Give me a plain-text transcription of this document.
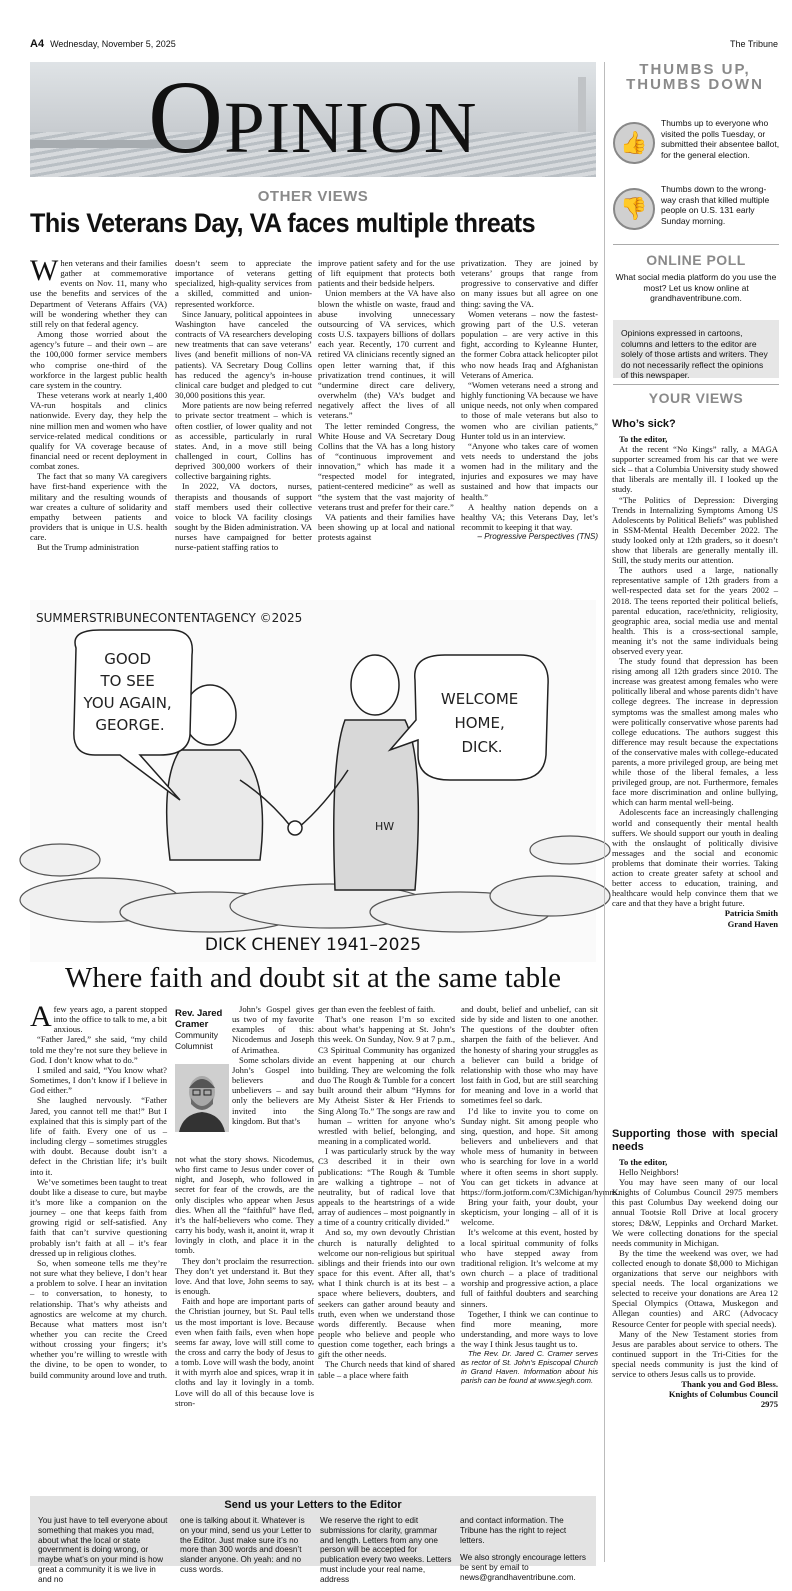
A4 Wednesday, November 5, 2025	The Tribune
Opinion
OTHER VIEWS
This Veterans Day, VA faces multiple threats

When veterans and their families gather at commemorative events on Nov. 11, many who use the benefits and services of the Department of Veterans Affairs (VA) will be wondering whether they can still rely on that federal agency.

Among those worried about the agency’s future – and their own – are the 100,000 former service members who comprise one-third of the workforce in the largest public health care system in the country.

These veterans work at nearly 1,400 VA-run hospitals and clinics nationwide. Every day, they help the nine million men and women who have service-related medical conditions or qualify for VA coverage because of financial need or recent deployment in combat zones.

The fact that so many VA caregivers have first-hand experience with the military and the resulting wounds of war creates a culture of solidarity and empathy between patients and providers that is unique in U.S. health care.

But the Trump administration

doesn’t seem to appreciate the importance of veterans getting specialized, high-quality services from a skilled, committed and union-represented workforce.

Since January, political appointees in Washington have canceled the contracts of VA researchers developing new treatments that can save veterans’ lives (and benefit millions of non-VA patients). VA Secretary Doug Collins has reduced the agency’s in-house clinical care budget and pledged to cut 30,000 positions this year.

More patients are now being referred to private sector treatment – which is often costlier, of lower quality and not as accessible, particularly in rural states. And, in a move still being challenged in court, Collins has deprived 300,000 workers of their collective bargaining rights.

In 2022, VA doctors, nurses, therapists and thousands of support staff members used their collective voice to block VA facility closings sought by the Biden administration. VA nurses have campaigned for better nurse-patient staffing ratios to

improve patient safety and for the use of lift equipment that protects both patients and their bedside helpers.

Union members at the VA have also blown the whistle on waste, fraud and abuse involving unnecessary outsourcing of VA services, which costs U.S. taxpayers billions of dollars each year. Recently, 170 current and retired VA clinicians recently signed an open letter warning that, if this privatization trend continues, it will “undermine direct care delivery, overwhelm (the) VA’s budget and negatively affect the lives of all veterans.”

The letter reminded Congress, the White House and VA Secretary Doug Collins that the VA has a long history of “continuous improvement and innovation,” which has made it a “respected model for integrated, patient-centered medicine” as well as “the system that the vast majority of veterans trust and prefer for their care.”

VA patients and their families have been showing up at local and national protests against

privatization. They are joined by veterans’ groups that range from progressive to conservative and differ on many issues but all agree on one thing: saving the VA.

Women veterans – now the fastest-growing part of the U.S. veteran population – are very active in this fight, according to Kyleanne Hunter, the former Cobra attack helicopter pilot who now heads Iraq and Afghanistan Veterans of America.

“Women veterans need a strong and highly functioning VA because we have unique needs, not only when compared to those of male veterans but also to women who are civilian patients,” Hunter told us in an interview.

“Anyone who takes care of women vets needs to understand the jobs women had in the military and the injuries and exposures we may have sustained and how that impacts our health.”

A healthy nation depends on a healthy VA; this Veterans Day, let’s recommit to keeping it that way.

– Progressive Perspectives (TNS)
SUMMERSTRIBUNECONTENTAGENCY ©2025
HW
GOOD TO SEE YOU AGAIN, GEORGE.
WELCOME HOME, DICK.
DICK CHENEY 1941–2025
Where faith and doubt sit at the same table

Afew years ago, a parent stopped into the office to talk to me, a bit anxious.

“Father Jared,” she said, “my child told me they’re not sure they believe in God. I don’t know what to do.”

I smiled and said, “You know what? Sometimes, I don’t know if I believe in God either.”

She laughed nervously. “Father Jared, you cannot tell me that!” But I explained that this is simply part of the life of faith. Every one of us – including clergy – sometimes struggles with doubt. Because doubt isn’t a defect in the Christian life; it’s built into it.

We’ve sometimes been taught to treat doubt like a disease to cure, but maybe it’s more like a companion on the journey – one that keeps faith from growing rigid or self-satisfied. Any faith that can’t survive questioning probably isn’t faith at all – it’s fear dressed up in religious clothes.

So, when someone tells me they’re not sure what they believe, I don’t hear a problem to solve. I hear an invitation – to conversation, to honesty, to relationship. That’s why atheists and agnostics are welcome at my church. Because what matters most isn’t whether you can recite the Creed without crossing your fingers; it’s whether you’re willing to wrestle with the divine, to be open to wonder, to build community around love and truth.

Rev. Jared Cramer
Community Columnist

John’s Gospel gives us two of my favorite examples of this: Nicodemus and Joseph of Arimathea.

Some scholars divide John’s Gospel into believers and unbelievers – and say only the believers are invited into the kingdom. But that’s

not what the story shows. Nicodemus, who first came to Jesus under cover of night, and Joseph, who followed in secret for fear of the crowds, are the only disciples who appear when Jesus dies. When all the “faithful” have fled, it’s the half-believers who come. They carry his body, wash it, anoint it, wrap it lovingly in cloth, and place it in the tomb.

They don’t proclaim the resurrection. They don’t yet understand it. But they love. And that love, John seems to say, is enough.

Faith and hope are important parts of the Christian journey, but St. Paul tells us the most important is love. Because even when faith fails, even when hope seems far away, love will still come to the cross and carry the body of Jesus to a tomb. Love will wash the body, anoint it with myrrh aloe and spices, wrap it in cloths and lay it lovingly in a tomb. Love will do all of this because love is stron-

ger than even the feeblest of faith.

That’s one reason I’m so excited about what’s happening at St. John’s this week. On Sunday, Nov. 9 at 7 p.m., C3 Spiritual Community has organized an event happening at our church building. They are welcoming the folk duo The Rough & Tumble for a concert built around their album “Hymns for My Atheist Sister & Her Friends to Sing Along To.” The songs are raw and human – written for anyone who’s wrestled with belief, belonging, and meaning in a complicated world.

I was particularly struck by the way C3 described it in their own publications: “The Rough & Tumble are walking a tightrope – not of neutrality, but of radical love that appeals to the heartstrings of a wide array of audiences – most poignantly in a time of a country critically divided.”

And so, my own devoutly Christian church is naturally delighted to welcome our non-religious but spiritual siblings and their friends into our own space for this event. After all, that’s what I think church is at its best – a space where believers, doubters, and seekers can gather around beauty and truth, even when we understand those words differently. Because when people who believe and people who question come together, each brings a gift the other needs.

The Church needs that kind of shared table – a place where faith

and doubt, belief and unbelief, can sit side by side and listen to one another. The questions of the doubter often sharpen the faith of the believer. And the honesty of sharing your struggles as a believer can build a bridge of relationship with those who may have lost faith in God, but are still searching for meaning and love in a world that sometimes feel so dark.

I’d like to invite you to come on Sunday night. Sit among people who sing, question, and hope. Sit among believers and unbelievers and that whole mess of humanity in between who is searching for love in a world where it often seems in short supply. You can get tickets in advance at https://form.jotform.com/C3Michigan/hymns.

Bring your faith, your doubt, your skepticism, your longing – all of it is welcome.

It’s welcome at this event, hosted by a local spiritual community of folks who have stepped away from traditional religion. It’s welcome at my own church – a place of traditional worship and progressive action, a place full of faithful doubters and searching sinners.

Together, I think we can continue to find more meaning, more understanding, and more ways to love the way I think Jesus taught us to.

The Rev. Dr. Jared C. Cramer serves as rector of St. John’s Episcopal Church in Grand Haven. Information about his parish can be found at www.sjegh.com.

Send us your Letters to the Editor
You just have to tell everyone about something that makes you mad, about what the local or state government is doing wrong, or maybe what’s on your mind is how great a community it is we live in and no
one is talking about it. Whatever is on your mind, send us your Letter to the Editor. Just make sure it’s no more than 300 words and doesn’t slander anyone. Oh yeah: and no cuss words.
We reserve the right to edit submissions for clarity, grammar and length. Letters from any one person will be accepted for publication every two weeks. Letters must include your real name, address
and contact information. The Tribune has the right to reject letters.
We also strongly encourage letters be sent by email to news@grandhaventribune.com.
THUMBS UP, THUMBS DOWN
👍
Thumbs up to everyone who visited the polls Tuesday, or submitted their absentee ballot, for the general election.
👎
Thumbs down to the wrong-way crash that killed multiple people on U.S. 131 early Sunday morning.
ONLINE POLL
What social media platform do you use the most? Let us know online at grandhaventribune.com.
Opinions expressed in cartoons, columns and letters to the editor are solely of those artists and writers. They do not necessarily reflect the opinions of this newspaper.
YOUR VIEWS
Who’s sick?
To the editor,

At the recent “No Kings” rally, a MAGA supporter screamed from his car that we were sick – that a Columbia University study showed that liberals are mentally ill. I looked up the study.

“The Politics of Depression: Diverging Trends in Internalizing Symptoms Among US Adolescents by Political Beliefs” was published in SSM-Mental Health December 2022. The study looked only at 12th graders, so it doesn’t show that liberals are generally mentally ill. Still, the study merits our attention.

The authors used a large, nationally representative sample of 12th graders from a well-respected data set for the years 2002 – 2018. The teens reported their political beliefs, parental education, race/ethnicity, religiosity, geographic area, social media use and mental health. This is a cross-sectional sample, meaning it’s not the same individuals being observed every year.

The study found that depression has been rising among all 12th graders since 2010. The increase was greatest among females who were politically liberal and whose parents didn’t have college degrees. The increase in depression symptoms was the smallest among males who were politically conservative whose parents had college educations. The authors suggest this difference may result because the expectations of the conservative males with college-educated parents, a more privileged group, are being met while those of the liberal females, a less privileged group, are not. Furthermore, females face more discrimination and online bullying, which can harm mental well-being.

Adolescents face an increasingly challenging world and consequently their mental health suffers. We should support our youth in dealing with the onslaught of politically divisive messages and the social and economic problems that dominate their worries. Taking action to create greater safety at school and better access to education, training, and healthcare would help convince them that we care and that they have a bright future.

Patricia Smith
Grand Haven
Supporting those with special needs
To the editor,

Hello Neighbors!

You may have seen many of our local Knights of Columbus Council 2975 members this past Columbus Day weekend doing our annual Tootsie Roll Drive at local grocery stores; D&W, Leppinks and Orchard Market. We were collecting donations for the special needs community in Michigan.

By the time the weekend was over, we had collected enough to donate $8,000 to Michigan organizations that serve our neighbors with special needs. The local organizations we selected to receive your donations are Area 12 Special Olympics (Ottawa, Muskegon and Allegan counties) and ARC (Advocacy Resource Center for people with special needs).

Many of the New Testament stories from Jesus are parables about service to others. The continued support in the Tri-Cities for the special needs community is just the kind of service to others Jesus calls us to provide.

Thank you and God Bless.
Knights of Columbus Council
2975
